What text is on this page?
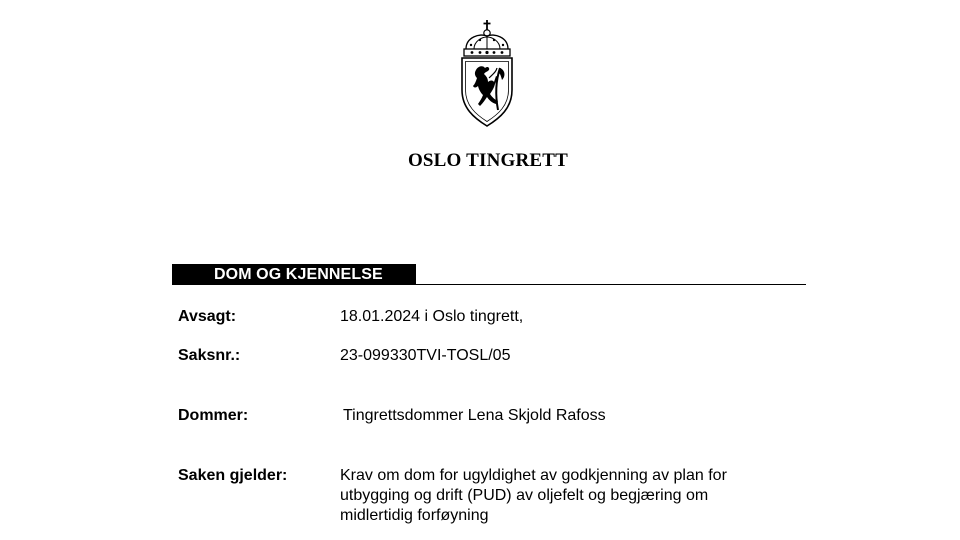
OSLO TINGRETT
DOM OG KJENNELSE
Avsagt:	18.01.2024 i Oslo tingrett,
Saksnr.:	23-099330TVI-TOSL/05
Dommer:	Tingrettsdommer Lena Skjold Rafoss
Saken gjelder:	Krav om dom for ugyldighet av godkjenning av plan for
utbygging og drift (PUD) av oljefelt og begjæring om
midlertidig forføyning
